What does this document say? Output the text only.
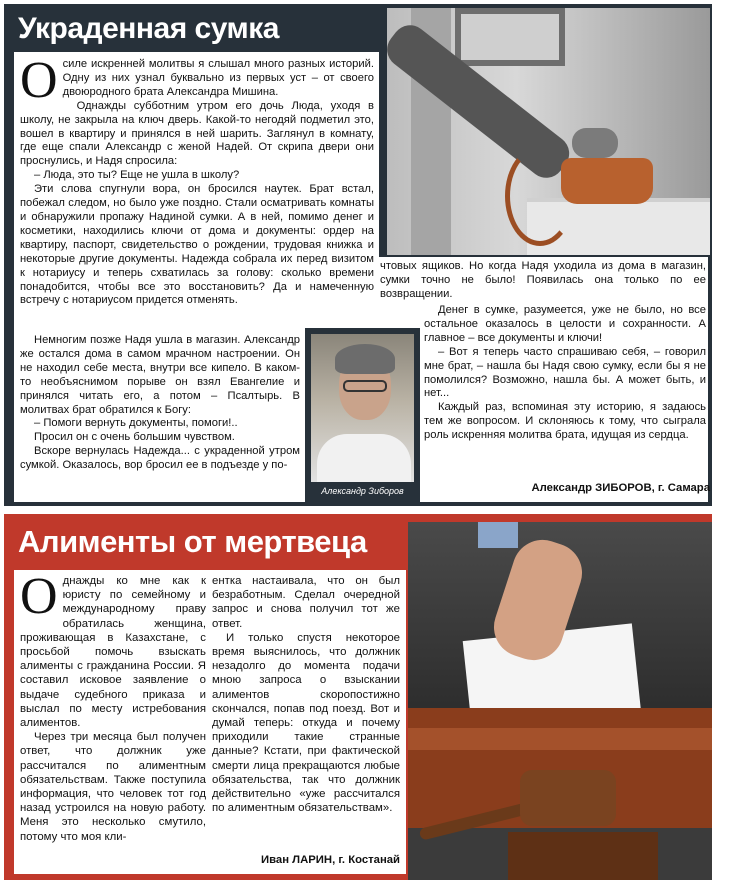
Украденная сумка

Осиле искренней молитвы я слышал много разных историй. Одну из них узнал буквально из первых уст – от своего двоюродного брата Александра Мишина.

Однажды субботним утром его дочь Люда, уходя в школу, не закрыла на ключ дверь. Какой-то негодяй подметил это, вошел в квартиру и принялся в ней шарить. Заглянул в комнату, где еще спали Александр с женой Надей. От скрипа двери они проснулись, и Надя спросила:

– Люда, это ты? Еще не ушла в школу?

Эти слова спугнули вора, он бросился наутек. Брат встал, побежал следом, но было уже поздно. Стали осматривать комнаты и обнаружили пропажу Надиной сумки. А в ней, помимо денег и косметики, находились ключи от дома и документы: ордер на квартиру, паспорт, свидетельство о рождении, трудовая книжка и некоторые другие документы. Надежда собрала их перед визитом к нотариусу и теперь схватилась за голову: сколько времени понадобится, чтобы все это восстановить? Да и намеченную встречу с нотариусом придется отменять.

Немногим позже Надя ушла в магазин. Александр же остался дома в самом мрачном настроении. Он не находил себе места, внутри все кипело. В каком-то необъяснимом порыве он взял Евангелие и принялся читать его, а потом – Псалтырь. В молитвах брат обратился к Богу:

– Помоги вернуть документы, помоги!..

Просил он с очень большим чувством.

Вскоре вернулась Надежда... с украденной утром сумкой. Оказалось, вор бросил ее в подъезде у по-

чтовых ящиков. Но когда Надя уходила из дома в магазин, сумки точно не было! Появилась она только по ее возвращении.

Денег в сумке, разумеется, уже не было, но все остальное оказалось в целости и сохранности. А главное – все документы и ключи!

– Вот я теперь часто спрашиваю себя, – говорил мне брат, – нашла бы Надя свою сумку, если бы я не помолился? Возможно, нашла бы. А может быть, и нет...

Каждый раз, вспоминая эту историю, я задаюсь тем же вопросом. И склоняюсь к тому, что сыграла роль искренняя молитва брата, идущая из сердца.

Александр Зиборов	Александр ЗИБОРОВ, г. Самара
Алименты от мертвеца

Однажды ко мне как к юристу по семейному и международному праву обратилась женщина, проживающая в Казахстане, с просьбой помочь взыскать алименты с гражданина России. Я составил исковое заявление о выдаче судебного приказа и выслал по месту истребования алиментов.

Через три месяца был получен ответ, что должник уже рассчитался по алиментным обязательствам. Также поступила информация, что человек тот год назад устроился на новую работу. Меня это несколько смутило, потому что моя кли-

ентка настаивала, что он был безработным. Сделал очередной запрос и снова получил тот же ответ.

И только спустя некоторое время выяснилось, что должник незадолго до момента подачи мною запроса о взыскании алиментов скоропостижно скончался, попав под поезд. Вот и думай теперь: откуда и почему приходили такие странные данные? Кстати, при фактической смерти лица прекращаются любые обязательства, так что должник действительно «уже рассчитался по алиментным обязательствам».

Иван ЛАРИН, г. Костанай
